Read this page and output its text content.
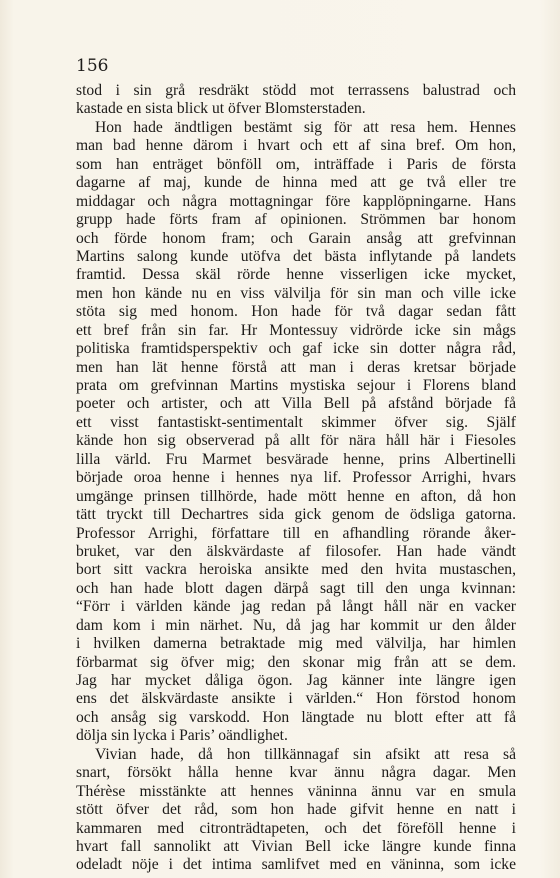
156
stod i sin grå resdräkt stödd mot terrassens balustrad och
kastade en sista blick ut öfver Blomsterstaden.
Hon hade ändtligen bestämt sig för att resa hem. Hennes
man bad henne därom i hvart och ett af sina bref. Om hon,
som han enträget bönföll om, inträffade i Paris de första
dagarne af maj, kunde de hinna med att ge två eller tre
middagar och några mottagningar före kapplöpningarne. Hans
grupp hade förts fram af opinionen. Strömmen bar honom
och förde honom fram; och Garain ansåg att grefvinnan
Martins salong kunde utöfva det bästa inflytande på landets
framtid. Dessa skäl rörde henne visserligen icke mycket,
men hon kände nu en viss välvilja för sin man och ville icke
stöta sig med honom. Hon hade för två dagar sedan fått
ett bref från sin far. Hr Montessuy vidrörde icke sin mågs
politiska framtidsperspektiv och gaf icke sin dotter några råd,
men han lät henne förstå att man i deras kretsar började
prata om grefvinnan Martins mystiska sejour i Florens bland
poeter och artister, och att Villa Bell på afstånd började få
ett visst fantastiskt-sentimentalt skimmer öfver sig. Själf
kände hon sig observerad på allt för nära håll här i Fiesoles
lilla värld. Fru Marmet besvärade henne, prins Albertinelli
började oroa henne i hennes nya lif. Professor Arrighi, hvars
umgänge prinsen tillhörde, hade mött henne en afton, då hon
tätt tryckt till Dechartres sida gick genom de ödsliga gatorna.
Professor Arrighi, författare till en afhandling rörande åker-
bruket, var den älskvärdaste af filosofer. Han hade vändt
bort sitt vackra heroiska ansikte med den hvita mustaschen,
och han hade blott dagen därpå sagt till den unga kvinnan:
“Förr i världen kände jag redan på långt håll när en vacker
dam kom i min närhet. Nu, då jag har kommit ur den ålder
i hvilken damerna betraktade mig med välvilja, har himlen
förbarmat sig öfver mig; den skonar mig från att se dem.
Jag har mycket dåliga ögon. Jag känner inte längre igen
ens det älskvärdaste ansikte i världen.“ Hon förstod honom
och ansåg sig varskodd. Hon längtade nu blott efter att få
dölja sin lycka i Paris’ oändlighet.
Vivian hade, då hon tillkännagaf sin afsikt att resa så
snart, försökt hålla henne kvar ännu några dagar. Men
Thérèse misstänkte att hennes väninna ännu var en smula
stött öfver det råd, som hon hade gifvit henne en natt i
kammaren med citronträdtapeten, och det föreföll henne i
hvart fall sannolikt att Vivian Bell icke längre kunde finna
odeladt nöje i det intima samlifvet med en väninna, som icke
